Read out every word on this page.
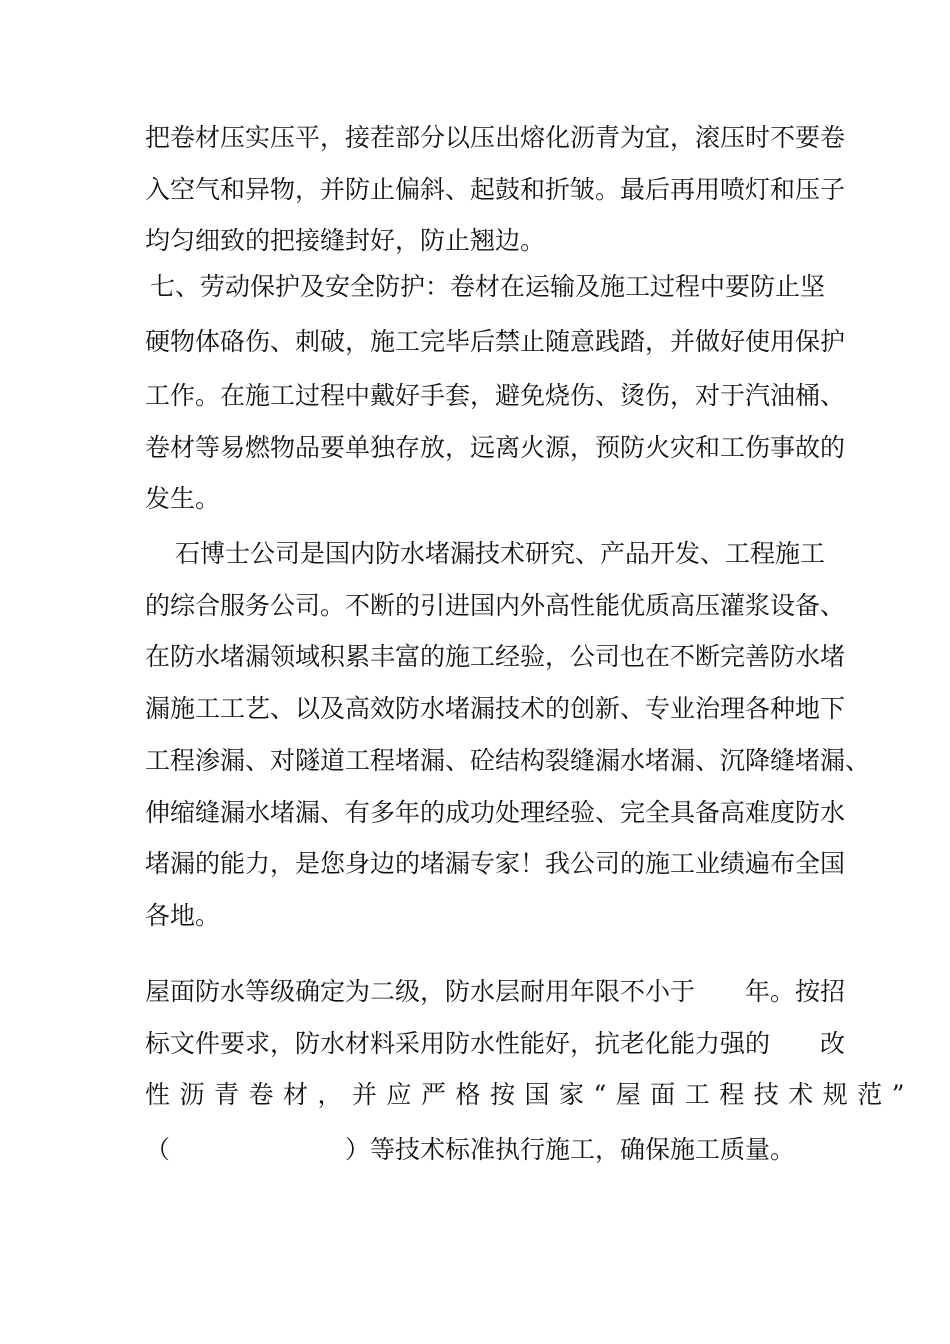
把卷材压实压平，接茬部分以压出熔化沥青为宜，滚压时不要卷
入空气和异物，并防止偏斜、起鼓和折皱。最后再用喷灯和压子
均匀细致的把接缝封好，防止翘边。
七、劳动保护及安全防护：卷材在运输及施工过程中要防止坚
硬物体硌伤、刺破，施工完毕后禁止随意践踏，并做好使用保护
工作。在施工过程中戴好手套，避免烧伤、烫伤，对于汽油桶、
卷材等易燃物品要单独存放，远离火源，预防火灾和工伤事故的
发生。
石博士公司是国内防水堵漏技术研究、产品开发、工程施工
的综合服务公司。不断的引进国内外高性能优质高压灌浆设备、
在防水堵漏领域积累丰富的施工经验，公司也在不断完善防水堵
漏施工工艺、以及高效防水堵漏技术的创新、专业治理各种地下
工程渗漏、对隧道工程堵漏、砼结构裂缝漏水堵漏、沉降缝堵漏、
伸缩缝漏水堵漏、有多年的成功处理经验、完全具备高难度防水
堵漏的能力，是您身边的堵漏专家！我公司的施工业绩遍布全国
各地。
屋面防水等级确定为二级，防水层耐用年限不小于　　年。按招
标文件要求，防水材料采用防水性能好，抗老化能力强的　　改
性沥青卷材，并应严格按国家“屋面工程技术规范”
（　　　　　　　）等技术标准执行施工，确保施工质量。
